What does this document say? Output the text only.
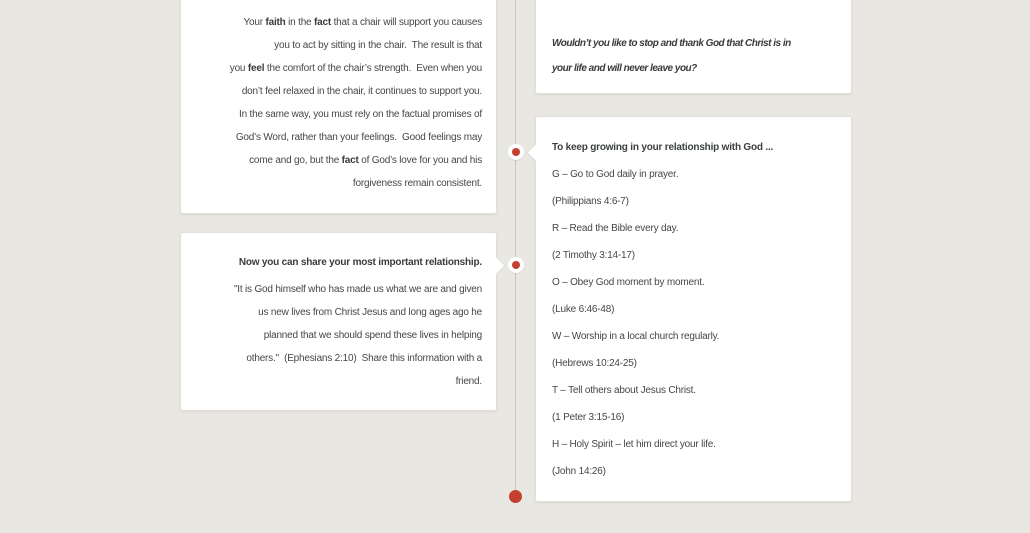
Your faith in the fact that a chair will support you causes
you to act by sitting in the chair.  The result is that
you feel the comfort of the chair’s strength.  Even when you
don’t feel relaxed in the chair, it continues to support you.
In the same way, you must rely on the factual promises of
God’s Word, rather than your feelings.  Good feelings may
come and go, but the fact of God’s love for you and his
forgiveness remain consistent.
Now you can share your most important relationship.
"It is God himself who has made us what we are and given
us new lives from Christ Jesus and long ages ago he
planned that we should spend these lives in helping
others."  (Ephesians 2:10)  Share this information with a
friend.
Wouldn’t you like to stop and thank God that Christ is in
your life and will never leave you?
To keep growing in your relationship with God ...
G – Go to God daily in prayer.
(Philippians 4:6-7)
R – Read the Bible every day.
(2 Timothy 3:14-17)
O – Obey God moment by moment.
(Luke 6:46-48)
W – Worship in a local church regularly.
(Hebrews 10:24-25)
T – Tell others about Jesus Christ.
(1 Peter 3:15-16)
H – Holy Spirit – let him direct your life.
(John 14:26)
